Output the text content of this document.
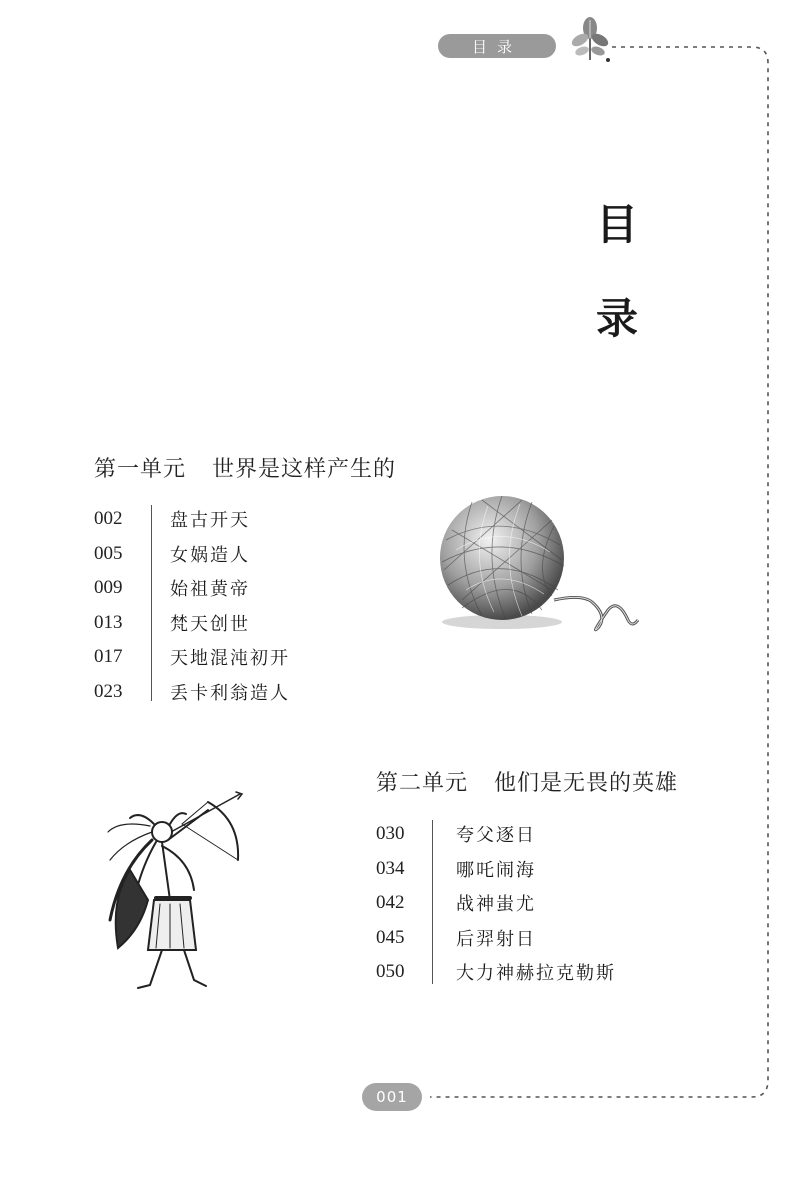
目录
目
录
第一单元 世界是这样产生的
002	盘古开天
005	女娲造人
009	始祖黄帝
013	梵天创世
017	天地混沌初开
023	丢卡利翁造人
第二单元 他们是无畏的英雄
030	夸父逐日
034	哪吒闹海
042	战神蚩尤
045	后羿射日
050	大力神赫拉克勒斯
001
